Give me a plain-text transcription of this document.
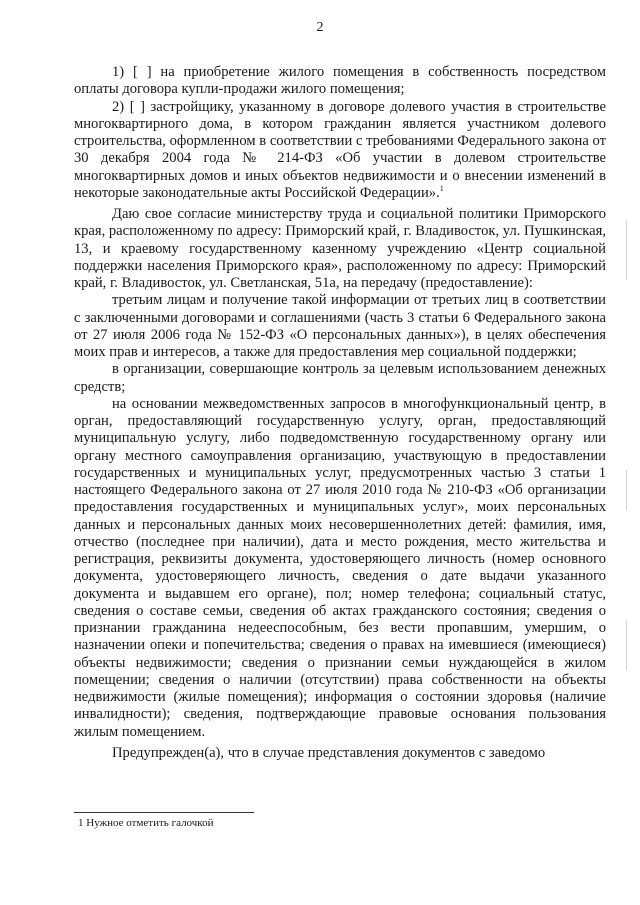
2

1) [ ] на приобретение жилого помещения в собственность посредством оплаты договора купли-продажи жилого помещения;

2) [ ] застройщику, указанному в договоре долевого участия в строительстве многоквартирного дома, в котором гражданин является участником долевого строительства, оформленном в соответствии с требованиями Федерального закона от 30 декабря 2004 года № 214-ФЗ «Об участии в долевом строительстве многоквартирных домов и иных объектов недвижимости и о внесении изменений в некоторые законодательные акты Российской Федерации».$^1$

Даю свое согласие министерству труда и социальной политики Приморского края, расположенному по адресу: Приморский край, г. Владивосток, ул. Пушкинская, 13, и краевому государственному казенному учреждению «Центр социальной поддержки населения Приморского края», расположенному по адресу: Приморский край, г. Владивосток, ул. Светланская, 51а, на передачу (предоставление):

третьим лицам и получение такой информации от третьих лиц в соответствии с заключенными договорами и соглашениями (часть 3 статьи 6 Федерального закона от 27 июля 2006 года № 152-ФЗ «О персональных данных»), в целях обеспечения моих прав и интересов, а также для предоставления мер социальной поддержки;

в организации, совершающие контроль за целевым использованием денежных средств;

на основании межведомственных запросов в многофункциональный центр, в орган, предоставляющий государственную услугу, орган, предоставляющий муниципальную услугу, либо подведомственную государственному органу или органу местного самоуправления организацию, участвующую в предоставлении государственных и муниципальных услуг, предусмотренных частью 3 статьи 1 настоящего Федерального закона от 27 июля 2010 года № 210-ФЗ «Об организации предоставления государственных и муниципальных услуг», моих персональных данных и персональных данных моих несовершеннолетних детей: фамилия, имя, отчество (последнее при наличии), дата и место рождения, место жительства и регистрация, реквизиты документа, удостоверяющего личность (номер основного документа, удостоверяющего личность, сведения о дате выдачи указанного документа и выдавшем его органе), пол; номер телефона; социальный статус, сведения о составе семьи, сведения об актах гражданского состояния; сведения о признании гражданина недееспособным, без вести пропавшим, умершим, о назначении опеки и попечительства; сведения о правах на имевшиеся (имеющиеся) объекты недвижимости; сведения о признании семьи нуждающейся в жилом помещении; сведения о наличии (отсутствии) права собственности на объекты недвижимости (жилые помещения); информация о состоянии здоровья (наличие инвалидности); сведения, подтверждающие правовые основания пользования жилым помещением.

Предупрежден(а), что в случае представления документов с заведомо

1 Нужное отметить галочкой
